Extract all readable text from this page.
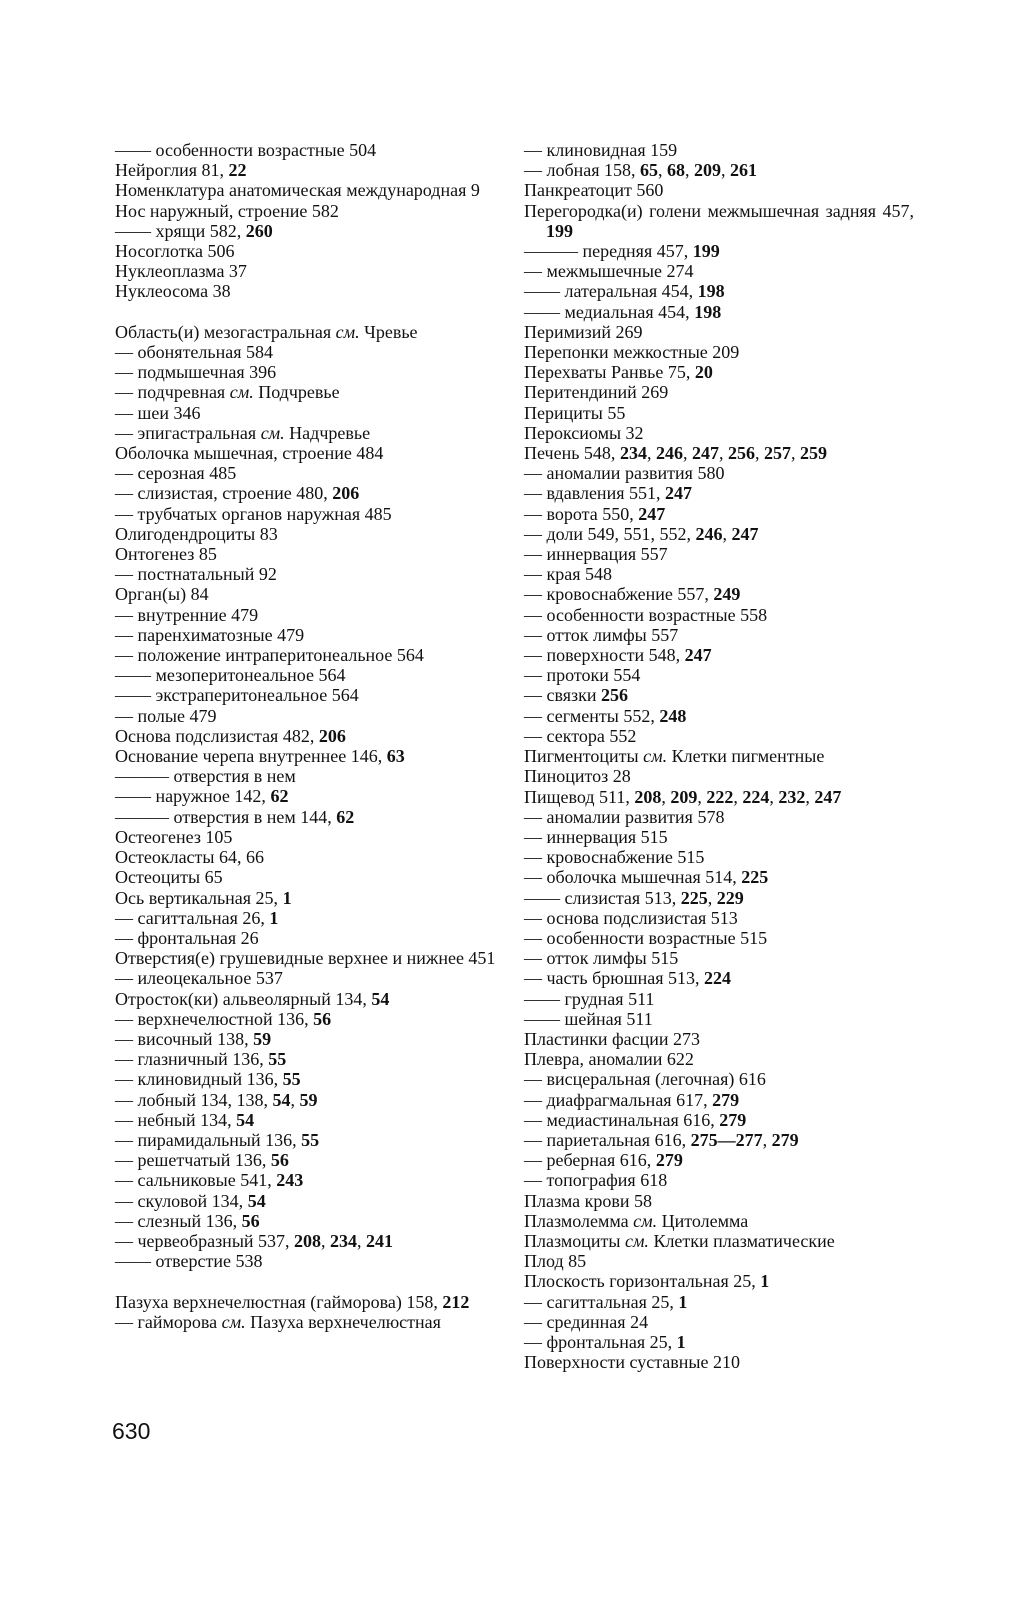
—— особенности возрастные 504
Нейроглия 81, 22
Номенклатура анатомическая международная 9
Нос наружный, строение 582
—— хрящи 582, 260
Носоглотка 506
Нуклеоплазма 37
Нуклеосома 38
Область(и) мезогастральная см. Чревье
— обонятельная 584
— подмышечная 396
— подчревная см. Подчревье
— шеи 346
— эпигастральная см. Надчревье
Оболочка мышечная, строение 484
— серозная 485
— слизистая, строение 480, 206
— трубчатых органов наружная 485
Олигодендроциты 83
Онтогенез 85
— постнатальный 92
Орган(ы) 84
— внутренние 479
— паренхиматозные 479
— положение интраперитонеальное 564
—— мезоперитонеальное 564
—— экстраперитонеальное 564
— полые 479
Основа подслизистая 482, 206
Основание черепа внутреннее 146, 63
——— отверстия в нем
—— наружное 142, 62
——— отверстия в нем 144, 62
Остеогенез 105
Остеокласты 64, 66
Остеоциты 65
Ось вертикальная 25, 1
— сагиттальная 26, 1
— фронтальная 26
Отверстия(е) грушевидные верхнее и нижнее 451
— илеоцекальное 537
Отросток(ки) альвеолярный 134, 54
— верхнечелюстной 136, 56
— височный 138, 59
— глазничный 136, 55
— клиновидный 136, 55
— лобный 134, 138, 54, 59
— небный 134, 54
— пирамидальный 136, 55
— решетчатый 136, 56
— сальниковые 541, 243
— скуловой 134, 54
— слезный 136, 56
— червеобразный 537, 208, 234, 241
—— отверстие 538
Пазуха верхнечелюстная (гайморова) 158, 212
— гайморова см. Пазуха верхнечелюстная
— клиновидная 159
— лобная 158, 65, 68, 209, 261
Панкреатоцит 560
Перегородка(и) голени межмышечная задняя 457, 199
——— передняя 457, 199
— межмышечные 274
—— латеральная 454, 198
—— медиальная 454, 198
Перимизий 269
Перепонки межкостные 209
Перехваты Ранвье 75, 20
Перитендиний 269
Перициты 55
Пероксиомы 32
Печень 548, 234, 246, 247, 256, 257, 259
— аномалии развития 580
— вдавления 551, 247
— ворота 550, 247
— доли 549, 551, 552, 246, 247
— иннервация 557
— края 548
— кровоснабжение 557, 249
— особенности возрастные 558
— отток лимфы 557
— поверхности 548, 247
— протоки 554
— связки 256
— сегменты 552, 248
— сектора 552
Пигментоциты см. Клетки пигментные
Пиноцитоз 28
Пищевод 511, 208, 209, 222, 224, 232, 247
— аномалии развития 578
— иннервация 515
— кровоснабжение 515
— оболочка мышечная 514, 225
—— слизистая 513, 225, 229
— основа подслизистая 513
— особенности возрастные 515
— отток лимфы 515
— часть брюшная 513, 224
—— грудная 511
—— шейная 511
Пластинки фасции 273
Плевра, аномалии 622
— висцеральная (легочная) 616
— диафрагмальная 617, 279
— медиастинальная 616, 279
— париетальная 616, 275—277, 279
— реберная 616, 279
— топография 618
Плазма крови 58
Плазмолемма см. Цитолемма
Плазмоциты см. Клетки плазматические
Плод 85
Плоскость горизонтальная 25, 1
— сагиттальная 25, 1
— срединная 24
— фронтальная 25, 1
Поверхности суставные 210
630
